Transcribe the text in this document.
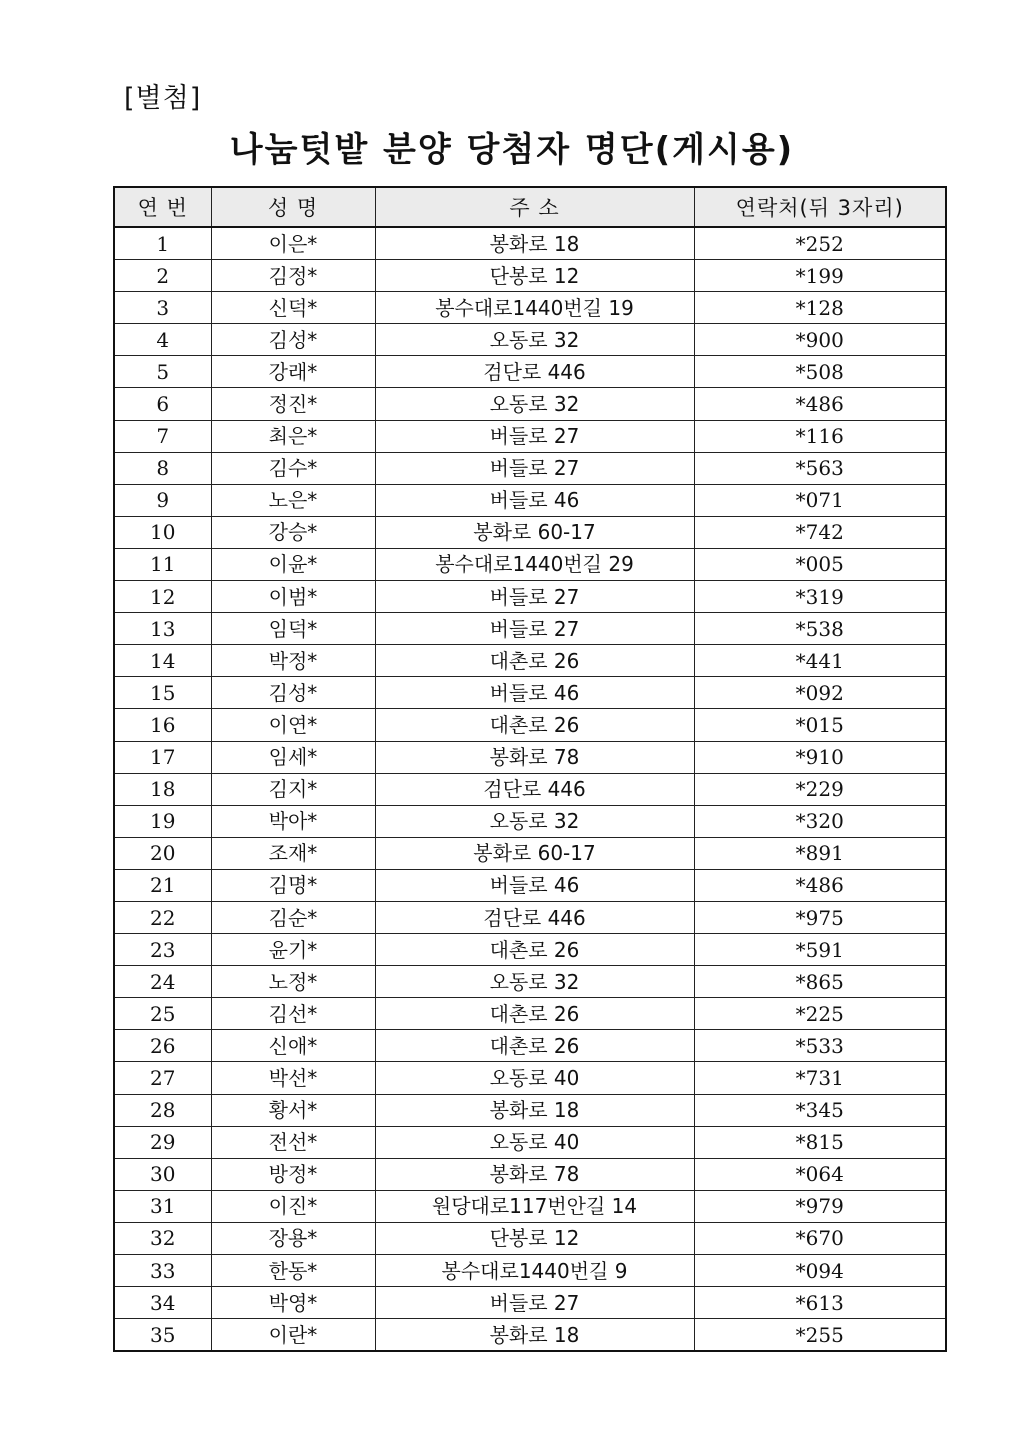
[별첨]
나눔텃밭 분양 당첨자 명단(게시용)
연 번	성 명	주 소	연락처(뒤 3자리)
1	이은*	봉화로 18	*252
2	김정*	단봉로 12	*199
3	신덕*	봉수대로1440번길 19	*128
4	김성*	오동로 32	*900
5	강래*	검단로 446	*508
6	정진*	오동로 32	*486
7	최은*	버들로 27	*116
8	김수*	버들로 27	*563
9	노은*	버들로 46	*071
10	강승*	봉화로 60-17	*742
11	이윤*	봉수대로1440번길 29	*005
12	이범*	버들로 27	*319
13	임덕*	버들로 27	*538
14	박정*	대촌로 26	*441
15	김성*	버들로 46	*092
16	이연*	대촌로 26	*015
17	임세*	봉화로 78	*910
18	김지*	검단로 446	*229
19	박아*	오동로 32	*320
20	조재*	봉화로 60-17	*891
21	김명*	버들로 46	*486
22	김순*	검단로 446	*975
23	윤기*	대촌로 26	*591
24	노정*	오동로 32	*865
25	김선*	대촌로 26	*225
26	신애*	대촌로 26	*533
27	박선*	오동로 40	*731
28	황서*	봉화로 18	*345
29	전선*	오동로 40	*815
30	방정*	봉화로 78	*064
31	이진*	원당대로117번안길 14	*979
32	장용*	단봉로 12	*670
33	한동*	봉수대로1440번길 9	*094
34	박영*	버들로 27	*613
35	이란*	봉화로 18	*255
